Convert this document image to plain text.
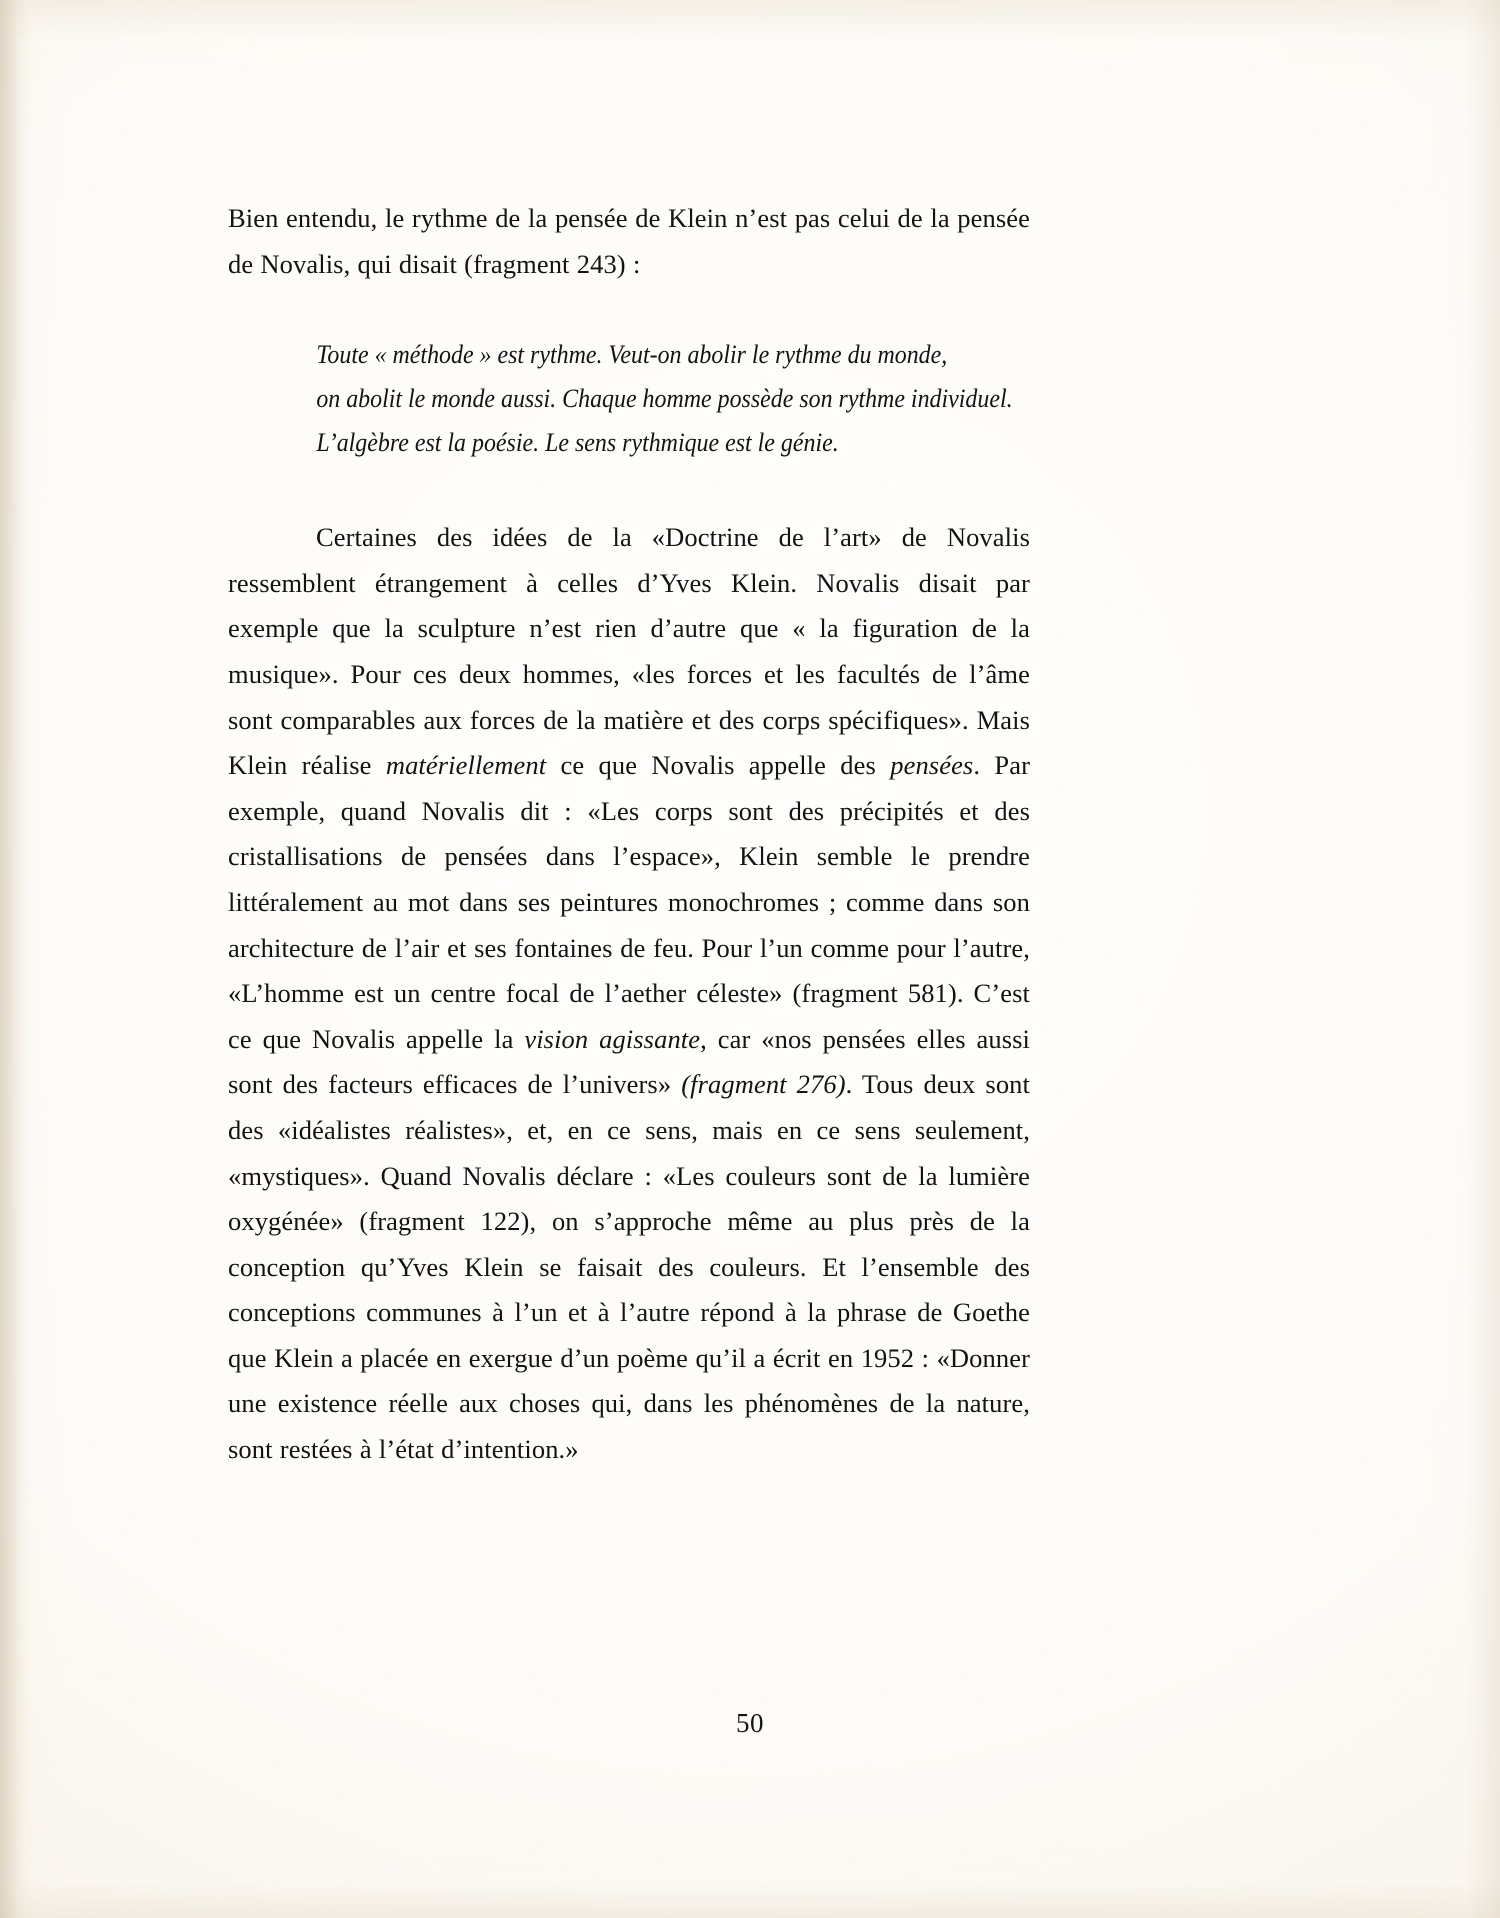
Bien entendu, le rythme de la pensée de Klein n’est pas celui de la pensée de Novalis, qui disait (fragment 243) :

Toute « méthode » est rythme. Veut-on abolir le rythme du monde,
on abolit le monde aussi. Chaque homme possède son rythme individuel.
L’algèbre est la poésie. Le sens rythmique est le génie.

Certaines des idées de la «Doctrine de l’art» de Novalis ressemblent étrangement à celles d’Yves Klein. Novalis disait par exemple que la sculpture n’est rien d’autre que « la figuration de la musique». Pour ces deux hommes, «les forces et les facultés de l’âme sont comparables aux forces de la matière et des corps spécifiques». Mais Klein réalise matériellement ce que Novalis appelle des pensées. Par exemple, quand Novalis dit : «Les corps sont des précipités et des cristallisations de pensées dans l’espace», Klein semble le prendre littéralement au mot dans ses peintures monochromes ; comme dans son architecture de l’air et ses fontaines de feu. Pour l’un comme pour l’autre, «L’homme est un centre focal de l’aether céleste» (fragment 581). C’est ce que Novalis appelle la vision agissante, car «nos pensées elles aussi sont des facteurs efficaces de l’univers» (fragment 276). Tous deux sont des «idéalistes réalistes», et, en ce sens, mais en ce sens seulement, «mystiques». Quand Novalis déclare : «Les couleurs sont de la lumière oxygénée» (fragment 122), on s’approche même au plus près de la conception qu’Yves Klein se faisait des couleurs. Et l’ensemble des conceptions communes à l’un et à l’autre répond à la phrase de Goethe que Klein a placée en exergue d’un poème qu’il a écrit en 1952 : «Donner une existence réelle aux choses qui, dans les phénomènes de la nature, sont restées à l’état d’intention.»

50
